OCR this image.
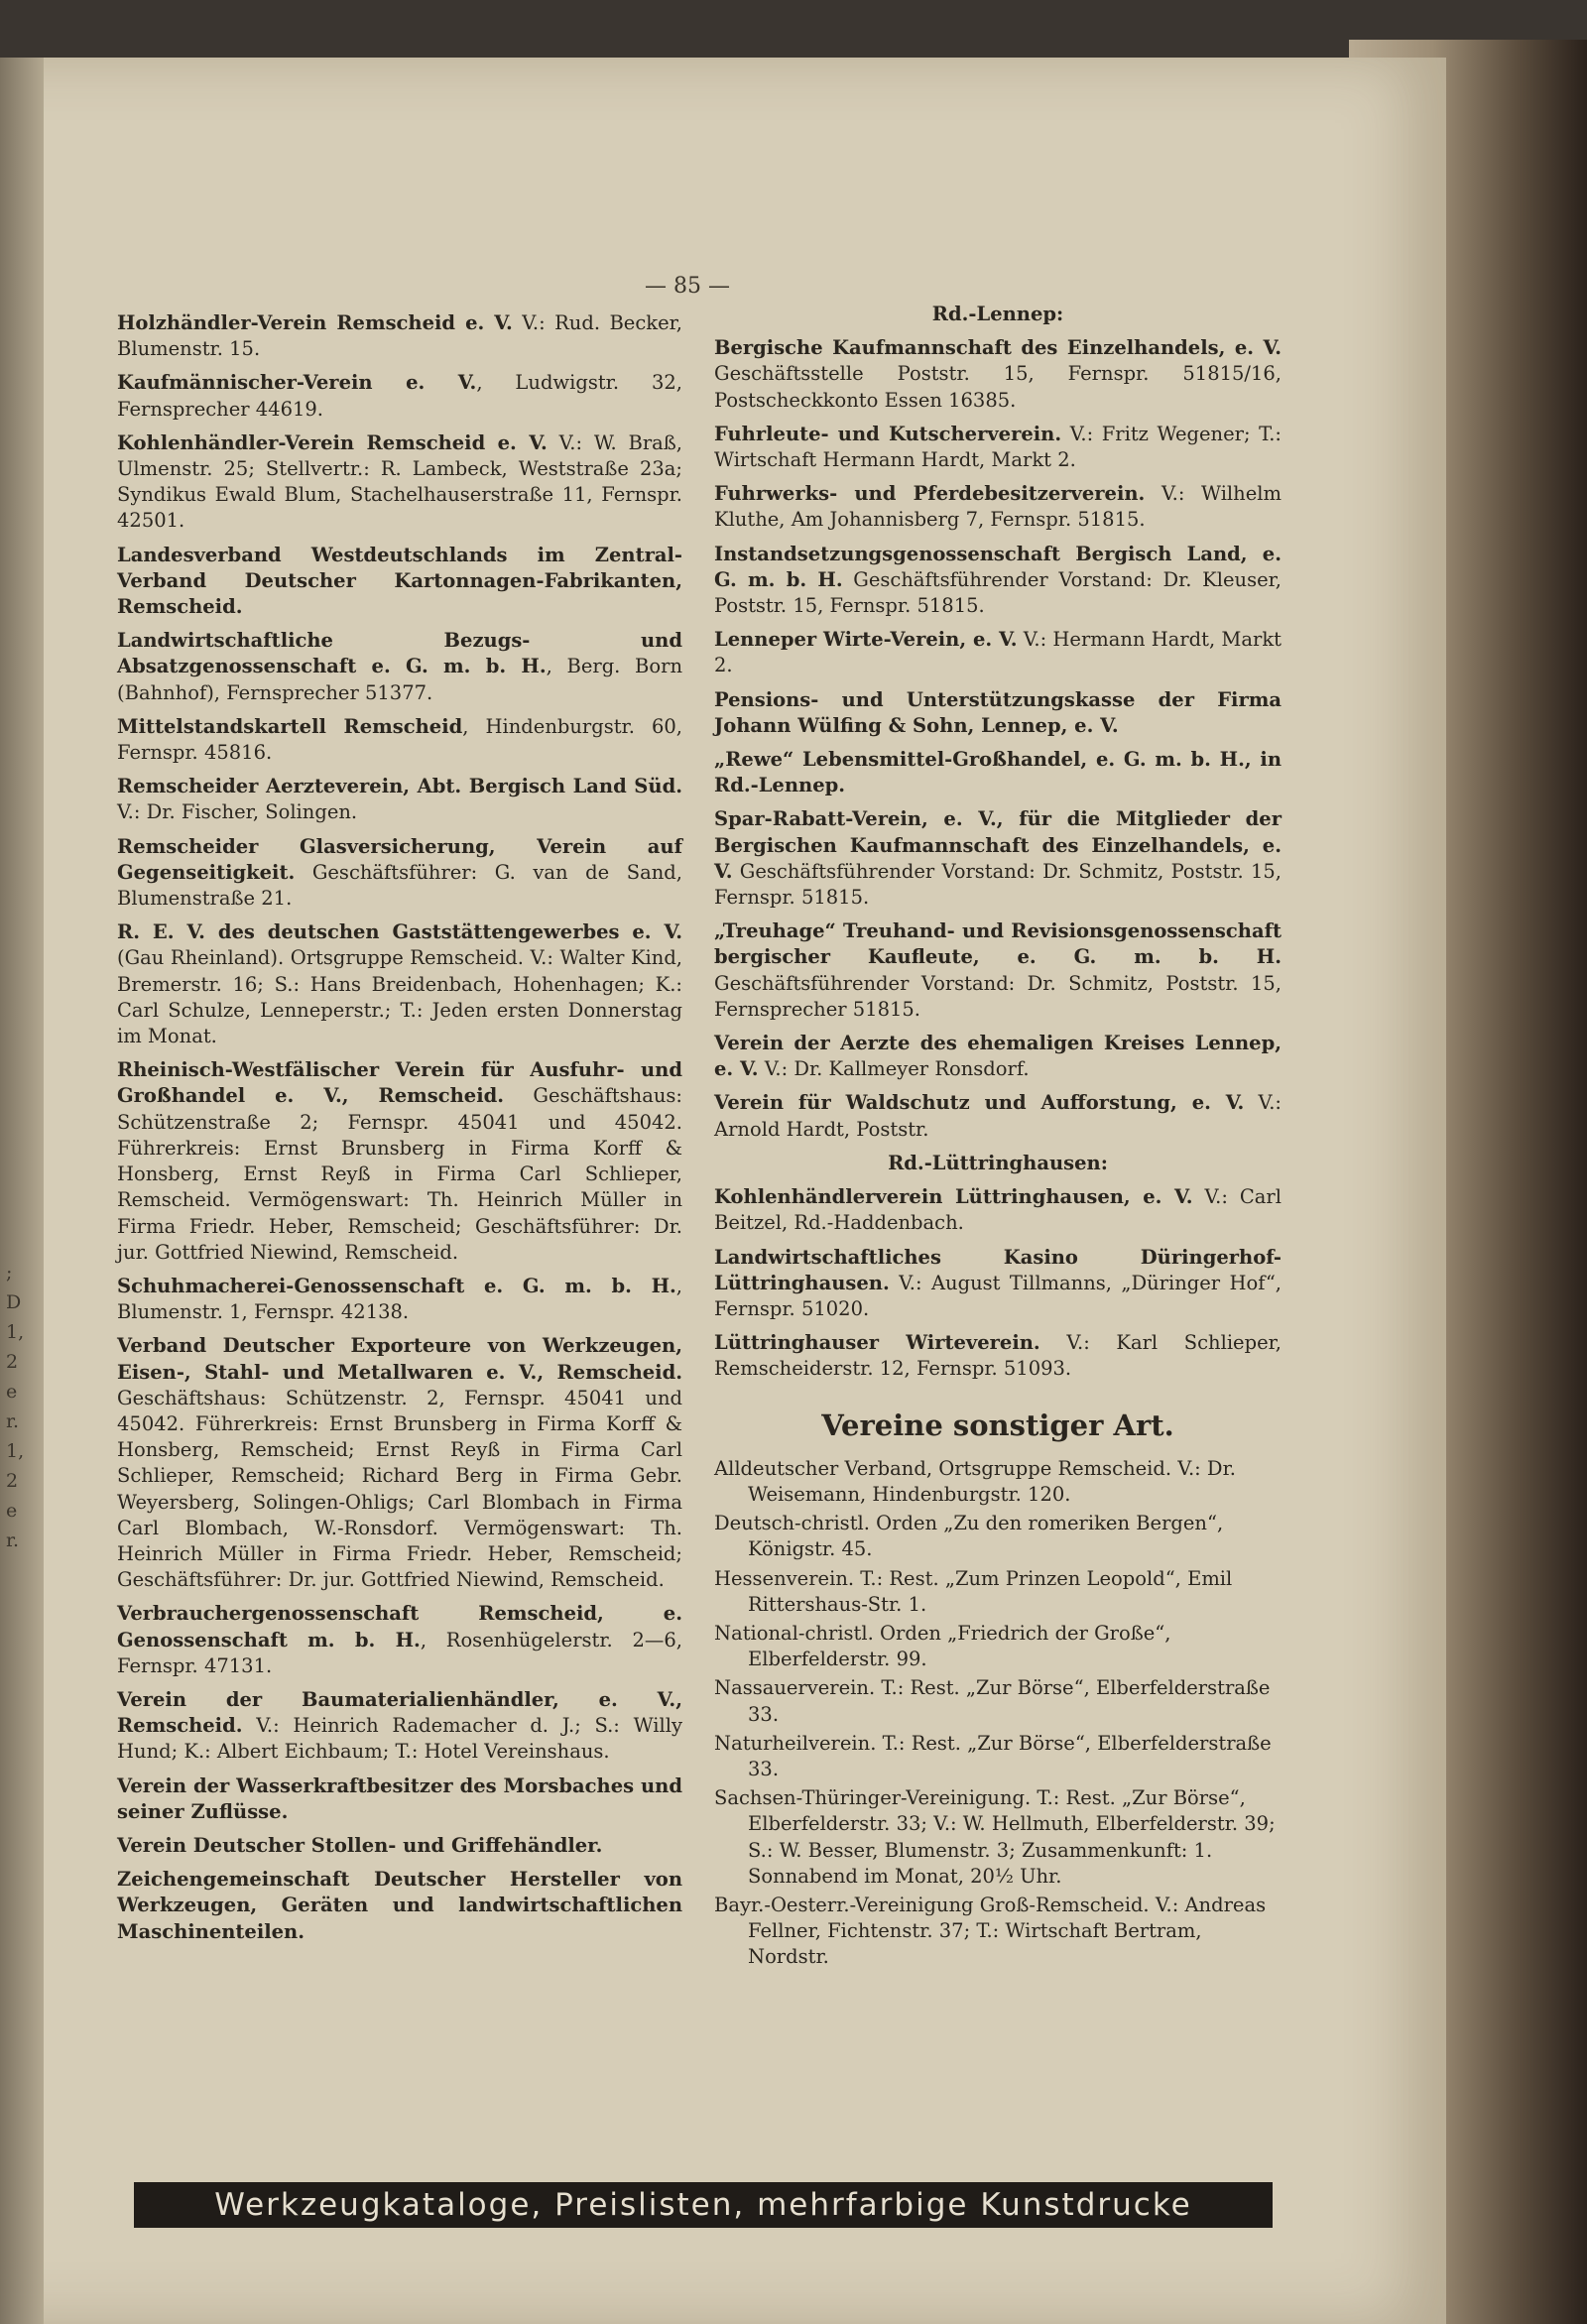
— 85 —

Holzhändler-Verein Remscheid e. V. V.: Rud. Becker, Blumenstr. 15.

Kaufmännischer-Verein e. V., Ludwigstr. 32, Fernsprecher 44619.

Kohlenhändler-Verein Remscheid e. V. V.: W. Braß, Ulmenstr. 25; Stellvertr.: R. Lambeck, Weststraße 23a; Syndikus Ewald Blum, Stachelhauserstraße 11, Fernspr. 42501.

Landesverband Westdeutschlands im Zentral-Verband Deutscher Kartonnagen-Fabrikanten, Remscheid.

Landwirtschaftliche Bezugs- und Absatzgenossenschaft e. G. m. b. H., Berg. Born (Bahnhof), Fernsprecher 51377.

Mittelstandskartell Remscheid, Hindenburgstr. 60, Fernspr. 45816.

Remscheider Aerzteverein, Abt. Bergisch Land Süd. V.: Dr. Fischer, Solingen.

Remscheider Glasversicherung, Verein auf Gegenseitigkeit. Geschäftsführer: G. van de Sand, Blumenstraße 21.

R. E. V. des deutschen Gaststättengewerbes e. V. (Gau Rheinland). Ortsgruppe Remscheid. V.: Walter Kind, Bremerstr. 16; S.: Hans Breidenbach, Hohenhagen; K.: Carl Schulze, Lenneperstr.; T.: Jeden ersten Donnerstag im Monat.

Rheinisch-Westfälischer Verein für Ausfuhr- und Großhandel e. V., Remscheid. Geschäftshaus: Schützenstraße 2; Fernspr. 45041 und 45042. Führerkreis: Ernst Brunsberg in Firma Korff & Honsberg, Ernst Reyß in Firma Carl Schlieper, Remscheid. Vermögenswart: Th. Heinrich Müller in Firma Friedr. Heber, Remscheid; Geschäftsführer: Dr. jur. Gottfried Niewind, Remscheid.

Schuhmacherei-Genossenschaft e. G. m. b. H., Blumenstr. 1, Fernspr. 42138.

Verband Deutscher Exporteure von Werkzeugen, Eisen-, Stahl- und Metallwaren e. V., Remscheid. Geschäftshaus: Schützenstr. 2, Fernspr. 45041 und 45042. Führerkreis: Ernst Brunsberg in Firma Korff & Honsberg, Remscheid; Ernst Reyß in Firma Carl Schlieper, Remscheid; Richard Berg in Firma Gebr. Weyersberg, Solingen-Ohligs; Carl Blombach in Firma Carl Blombach, W.-Ronsdorf. Vermögenswart: Th. Heinrich Müller in Firma Friedr. Heber, Remscheid; Geschäftsführer: Dr. jur. Gottfried Niewind, Remscheid.

Verbrauchergenossenschaft Remscheid, e. Genossenschaft m. b. H., Rosenhügelerstr. 2—6, Fernspr. 47131.

Verein der Baumaterialienhändler, e. V., Remscheid. V.: Heinrich Rademacher d. J.; S.: Willy Hund; K.: Albert Eichbaum; T.: Hotel Vereinshaus.

Verein der Wasserkraftbesitzer des Morsbaches und seiner Zuflüsse.

Verein Deutscher Stollen- und Griffehändler.

Zeichengemeinschaft Deutscher Hersteller von Werkzeugen, Geräten und landwirtschaftlichen Maschinenteilen.

Rd.-Lennep:

Bergische Kaufmannschaft des Einzelhandels, e. V. Geschäftsstelle Poststr. 15, Fernspr. 51815/16, Postscheckkonto Essen 16385.

Fuhrleute- und Kutscherverein. V.: Fritz Wegener; T.: Wirtschaft Hermann Hardt, Markt 2.

Fuhrwerks- und Pferdebesitzerverein. V.: Wilhelm Kluthe, Am Johannisberg 7, Fernspr. 51815.

Instandsetzungsgenossenschaft Bergisch Land, e. G. m. b. H. Geschäftsführender Vorstand: Dr. Kleuser, Poststr. 15, Fernspr. 51815.

Lenneper Wirte-Verein, e. V. V.: Hermann Hardt, Markt 2.

Pensions- und Unterstützungskasse der Firma Johann Wülfing & Sohn, Lennep, e. V.

„Rewe“ Lebensmittel-Großhandel, e. G. m. b. H., in Rd.-Lennep.

Spar-Rabatt-Verein, e. V., für die Mitglieder der Bergischen Kaufmannschaft des Einzelhandels, e. V. Geschäftsführender Vorstand: Dr. Schmitz, Poststr. 15, Fernspr. 51815.

„Treuhage“ Treuhand- und Revisionsgenossenschaft bergischer Kaufleute, e. G. m. b. H. Geschäftsführender Vorstand: Dr. Schmitz, Poststr. 15, Fernsprecher 51815.

Verein der Aerzte des ehemaligen Kreises Lennep, e. V. V.: Dr. Kallmeyer Ronsdorf.

Verein für Waldschutz und Aufforstung, e. V. V.: Arnold Hardt, Poststr.

Rd.-Lüttringhausen:

Kohlenhändlerverein Lüttringhausen, e. V. V.: Carl Beitzel, Rd.-Haddenbach.

Landwirtschaftliches Kasino Düringerhof-Lüttringhausen. V.: August Tillmanns, „Düringer Hof“, Fernspr. 51020.

Lüttringhauser Wirteverein. V.: Karl Schlieper, Remscheiderstr. 12, Fernspr. 51093.

Vereine sonstiger Art.

Alldeutscher Verband, Ortsgruppe Remscheid. V.: Dr. Weisemann, Hindenburgstr. 120.

Deutsch-christl. Orden „Zu den romeriken Bergen“, Königstr. 45.

Hessenverein. T.: Rest. „Zum Prinzen Leopold“, Emil Rittershaus-Str. 1.

National-christl. Orden „Friedrich der Große“, Elberfelderstr. 99.

Nassauerverein. T.: Rest. „Zur Börse“, Elberfelderstraße 33.

Naturheilverein. T.: Rest. „Zur Börse“, Elberfelderstraße 33.

Sachsen-Thüringer-Vereinigung. T.: Rest. „Zur Börse“, Elberfelderstr. 33; V.: W. Hellmuth, Elberfelderstr. 39; S.: W. Besser, Blumenstr. 3; Zusammenkunft: 1. Sonnabend im Monat, 20½ Uhr.

Bayr.-Oesterr.-Vereinigung Groß-Remscheid. V.: Andreas Fellner, Fichtenstr. 37; T.: Wirtschaft Bertram, Nordstr.

Werkzeugkataloge, Preislisten, mehrfarbige Kunstdrucke
;
D
1,
2
e
r.
1,
2
e
r.
